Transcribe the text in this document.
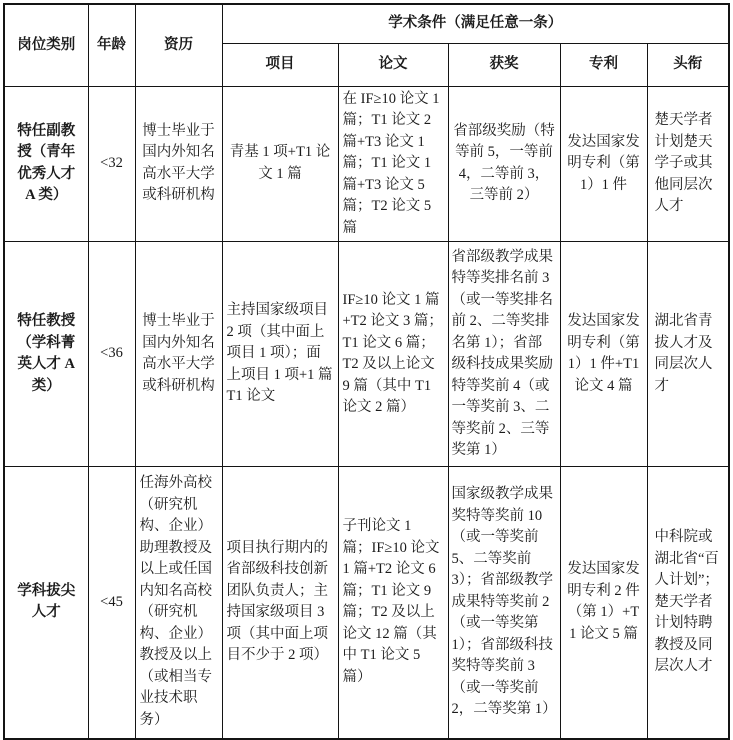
岗位类别	年龄	资历	学术条件（满足任意一条）				
			项目	论文	获奖	专利	头衔
特任副教授（青年优秀人才 A 类）	<32	博士毕业于国内外知名高水平大学或科研机构	青基 1 项+T1 论文 1 篇	在 IF≥10 论文 1 篇；T1 论文 2 篇+T3 论文 1 篇；T1 论文 1 篇+T3 论文 5 篇；T2 论文 5 篇	省部级奖励（特等前 5，一等前 4，二等前 3，三等前 2）	发达国家发明专利（第 1）1 件	楚天学者计划楚天学子或其他同层次人才
特任教授（学科菁英人才 A 类）	<36	博士毕业于国内外知名高水平大学或科研机构	主持国家级项目 2 项（其中面上项目 1 项）；面上项目 1 项+1 篇 T1 论文	IF≥10 论文 1 篇+T2 论文 3 篇；T1 论文 6 篇；T2 及以上论文 9 篇（其中 T1 论文 2 篇）	省部级教学成果特等奖排名前 3（或一等奖排名前 2、二等奖排名第 1）；省部级科技成果奖励特等奖前 4（或一等奖前 3、二等奖前 2、三等奖第 1）	发达国家发明专利（第 1）1 件+T1 论文 4 篇	湖北省青拔人才及同层次人才
学科拔尖人才	<45	任海外高校（研究机构、企业）助理教授及以上或任国内知名高校（研究机构、企业）教授及以上（或相当专业技术职务）	项目执行期内的省部级科技创新团队负责人；主持国家级项目 3 项（其中面上项目不少于 2 项）	子刊论文 1 篇；IF≥10 论文 1 篇+T2 论文 6 篇；T1 论文 9 篇；T2 及以上论文 12 篇（其中 T1 论文 5 篇）	国家级教学成果奖特等奖前 10（或一等奖前 5、二等奖前 3）；省部级教学成果特等奖前 2（或一等奖第 1）；省部级科技奖特等奖前 3（或一等奖前 2，二等奖第 1）	发达国家发明专利 2 件（第 1）+T1 论文 5 篇	中科院或湖北省“百人计划”；楚天学者计划特聘教授及同层次人才
